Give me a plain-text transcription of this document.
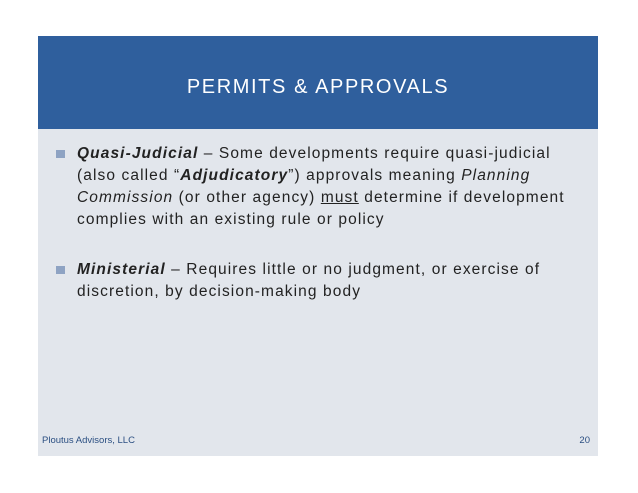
PERMITS & APPROVALS
Quasi-Judicial – Some developments require quasi-judicial (also called “Adjudicatory”) approvals meaning Planning Commission (or other agency) must determine if development complies with an existing rule or policy
Ministerial – Requires little or no judgment, or exercise of discretion, by decision-making body
Ploutus Advisors, LLC	20
